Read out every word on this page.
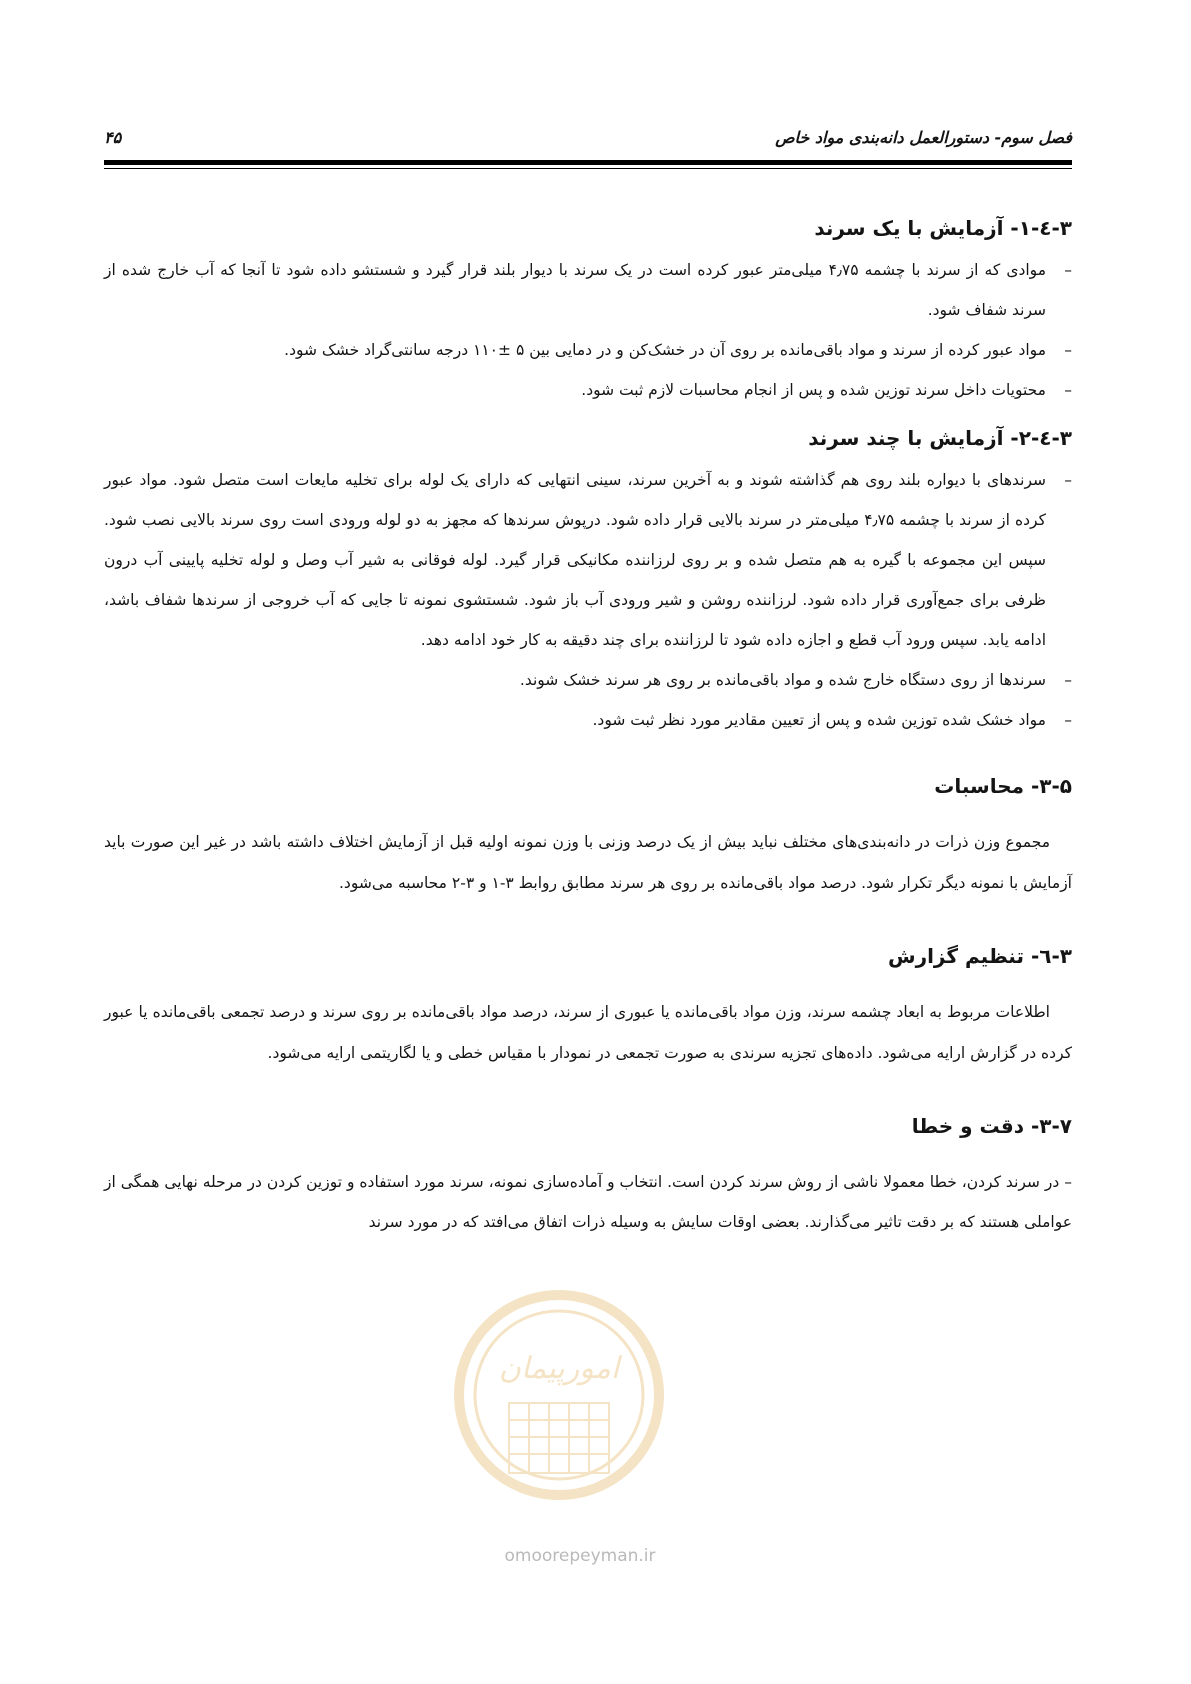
فصل سوم- دستورالعمل دانه‌بندی مواد خاص
۴۵
۳-٤-۱- آزمایش با یک سرند
–
مواد‌ی که از سرند با چشمه ۴٫۷۵ میلی‌متر عبور کرده است در یک سرند با دیوار بلند قرار گیرد و شستشو داده شود تا آنجا که آب خارج شده از سرند شفاف شود.
–
مواد عبور کرده از سرند و مواد باقی‌مانده بر روی آن در خشک‌کن و در دمایی بین ۵ ±۱۱۰ درجه سانتی‌گراد خشک شود.
–
محتویات داخل سرند توزین شده و پس از انجام محاسبات لازم ثبت شود.
۳-٤-۲- آزمایش با چند سرند
–
سرندهای با دیواره بلند روی هم گذاشته شوند و به آخرین سرند، سینی انتهایی که دارای یک لوله برای تخلیه مایعات است متصل شود. مواد عبور کرده از سرند با چشمه ۴٫۷۵ میلی‌متر در سرند بالایی قرار داده شود. درپوش سرندها که مجهز به دو لوله ورودی است روی سرند بالایی نصب شود. سپس این مجموعه با گیره به هم متصل شده و بر روی لرزاننده مکانیکی قرار گیرد. لوله فوقانی به شیر آب وصل و لوله تخلیه پایینی آب درون ظرفی برای جمع‌آوری قرار داده شود. لرزاننده روشن و شیر ورودی آب باز شود. شستشوی نمونه تا جایی که آب خروجی از سرندها شفاف باشد، ادامه یابد. سپس ورود آب قطع و اجازه داده شود تا لرزاننده برای چند دقیقه به کار خود ادامه دهد.
–
سرندها از روی دستگاه خارج شده و مواد باقی‌مانده بر روی هر سرند خشک شوند.
–
مواد خشک شده توزین شده و پس از تعیین مقادیر مورد نظر ثبت شود.
۳-۵- محاسبات

مجموع وزن ذرات در دانه‌بندی‌های مختلف نباید بیش از یک درصد وزنی با وزن نمونه اولیه قبل از آزمایش اختلاف داشته باشد در غیر این صورت باید آزمایش با نمونه دیگر تکرار شود. درصد مواد باقی‌مانده بر روی هر سرند مطابق روابط ۳-۱ و ۳-۲ محاسبه می‌شود.

۳-٦- تنظیم گزارش

اطلاعات مربوط به ابعاد چشمه سرند، وزن مواد باقی‌مانده یا عبوری از سرند، درصد مواد باقی‌مانده بر روی سرند و درصد تجمعی باقی‌مانده یا عبور کرده در گزارش ارایه می‌شود. داده‌های تجزیه سرندی به صورت تجمعی در نمودار با مقیاس خطی و یا لگاریتمی ارایه می‌شود.

۳-۷- دقت و خطا

– در سرند کردن، خطا معمولا ناشی از روش سرند کردن است. انتخاب و آماده‌سازی نمونه، سرند مورد استفاده و توزین کردن در مرحله نهایی همگی از عواملی هستند که بر دقت تاثیر می‌گذارند. بعضی اوقات سایش به وسیله ذرات اتفاق می‌افتد که در مورد سرند

امورپیمان
omoorepeyman.ir
